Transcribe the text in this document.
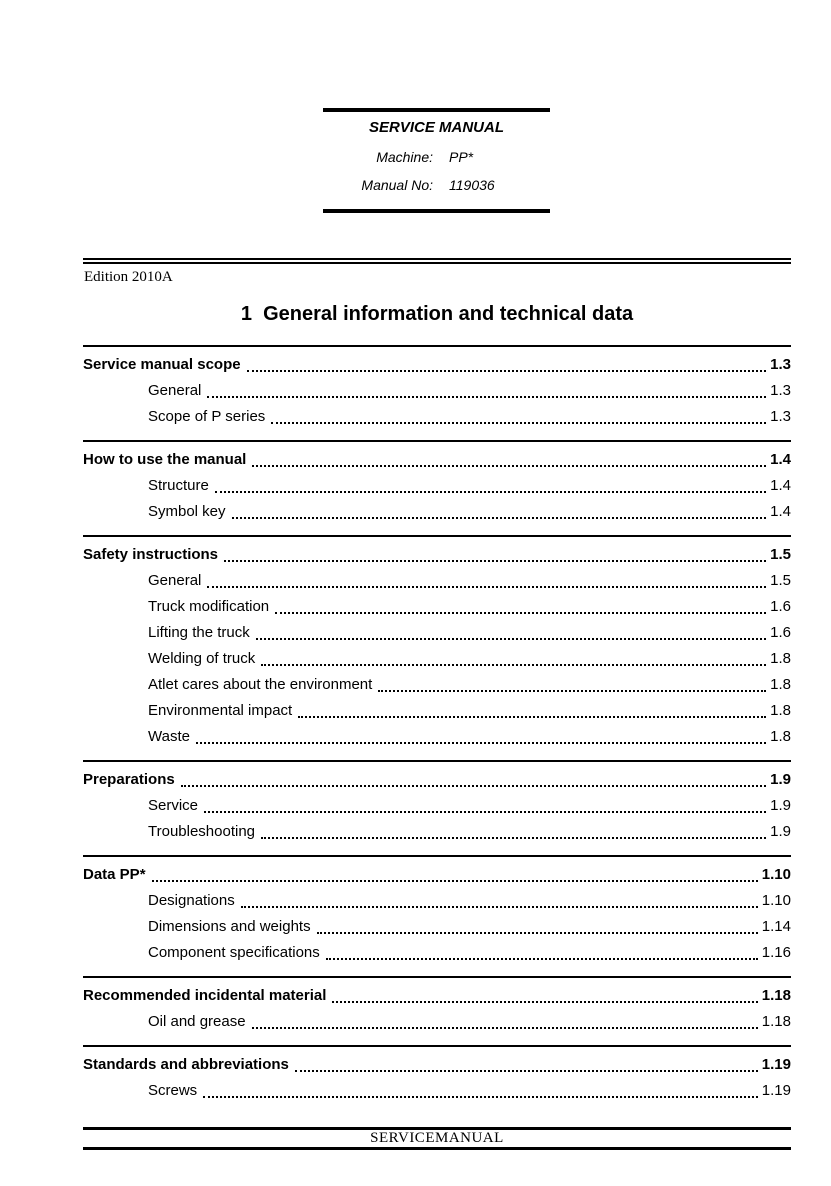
SERVICE MANUAL
Machine: PP*
Manual No: 119036
Edition 2010A
1  General information and technical data
Service manual scope	1.3
General	1.3
Scope of P series	1.3
How to use the manual	1.4
Structure	1.4
Symbol key	1.4
Safety instructions	1.5
General	1.5
Truck modification	1.6
Lifting the truck	1.6
Welding of truck	1.8
Atlet cares about the environment	1.8
Environmental impact	1.8
Waste	1.8
Preparations	1.9
Service	1.9
Troubleshooting	1.9
Data PP*	1.10
Designations	1.10
Dimensions and weights	1.14
Component specifications	1.16
Recommended incidental material	1.18
Oil and grease	1.18
Standards and abbreviations	1.19
Screws	1.19
SERVICEMANUAL
